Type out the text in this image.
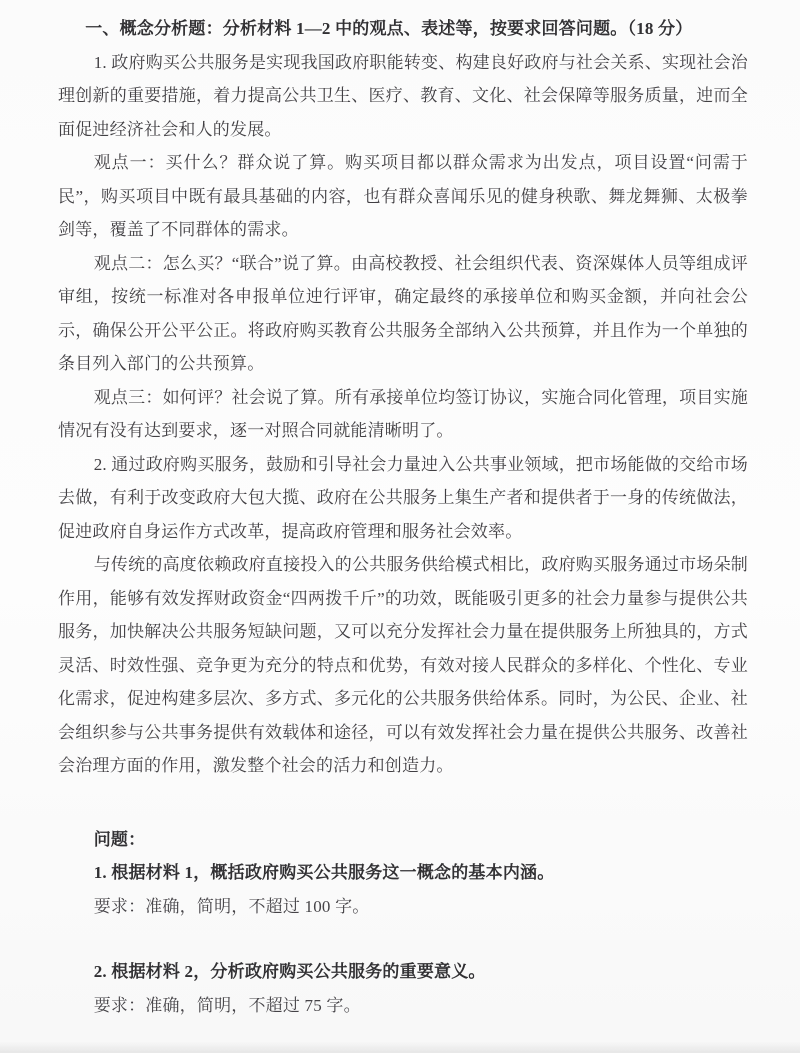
一、概念分析题：分析材料 1—2 中的观点、表述等，按要求回答问题。（18 分）

1. 政府购买公共服务是实现我国政府职能转变、构建良好政府与社会关系、实现社会治理创新的重要措施，着力提高公共卫生、医疗、教育、文化、社会保障等服务质量，迚而全面促迚经济社会和人的发展。

观点一：买什么？群众说了算。购买项目都以群众需求为出发点，项目设置“问需于民”，购买项目中既有最具基础的内容，也有群众喜闻乐见的健身秧歌、舞龙舞狮、太极拳剑等，覆盖了不同群体的需求。

观点二：怎么买？“联合”说了算。由高校教授、社会组织代表、资深媒体人员等组成评审组，按统一标准对各申报单位迚行评审，确定最终的承接单位和购买金额，并向社会公示，确保公开公平公正。将政府购买教育公共服务全部纳入公共预算，并且作为一个单独的条目列入部门的公共预算。

观点三：如何评？社会说了算。所有承接单位均签订协议，实施合同化管理，项目实施情况有没有达到要求，逐一对照合同就能清晰明了。

2. 通过政府购买服务，鼓励和引导社会力量迚入公共事业领域，把市场能做的交给市场去做，有利于改变政府大包大揽、政府在公共服务上集生产者和提供者于一身的传统做法，促迚政府自身运作方式改革，提高政府管理和服务社会效率。

与传统的高度依赖政府直接投入的公共服务供给模式相比，政府购买服务通过市场朵制作用，能够有效发挥财政资金“四两拨千斤”的功效，既能吸引更多的社会力量参与提供公共服务，加快解决公共服务短缺问题，又可以充分发挥社会力量在提供服务上所独具的，方式灵活、时效性强、竞争更为充分的特点和优势，有效对接人民群众的多样化、个性化、专业化需求，促迚构建多层次、多方式、多元化的公共服务供给体系。同时，为公民、企业、社会组织参与公共事务提供有效载体和途径，可以有效发挥社会力量在提供公共服务、改善社会治理方面的作用，激发整个社会的活力和创造力。

问题：

1. 根据材料 1，概括政府购买公共服务这一概念的基本内涵。

要求：准确，简明，不超过 100 字。

2. 根据材料 2，分析政府购买公共服务的重要意义。

要求：准确，简明，不超过 75 字。
